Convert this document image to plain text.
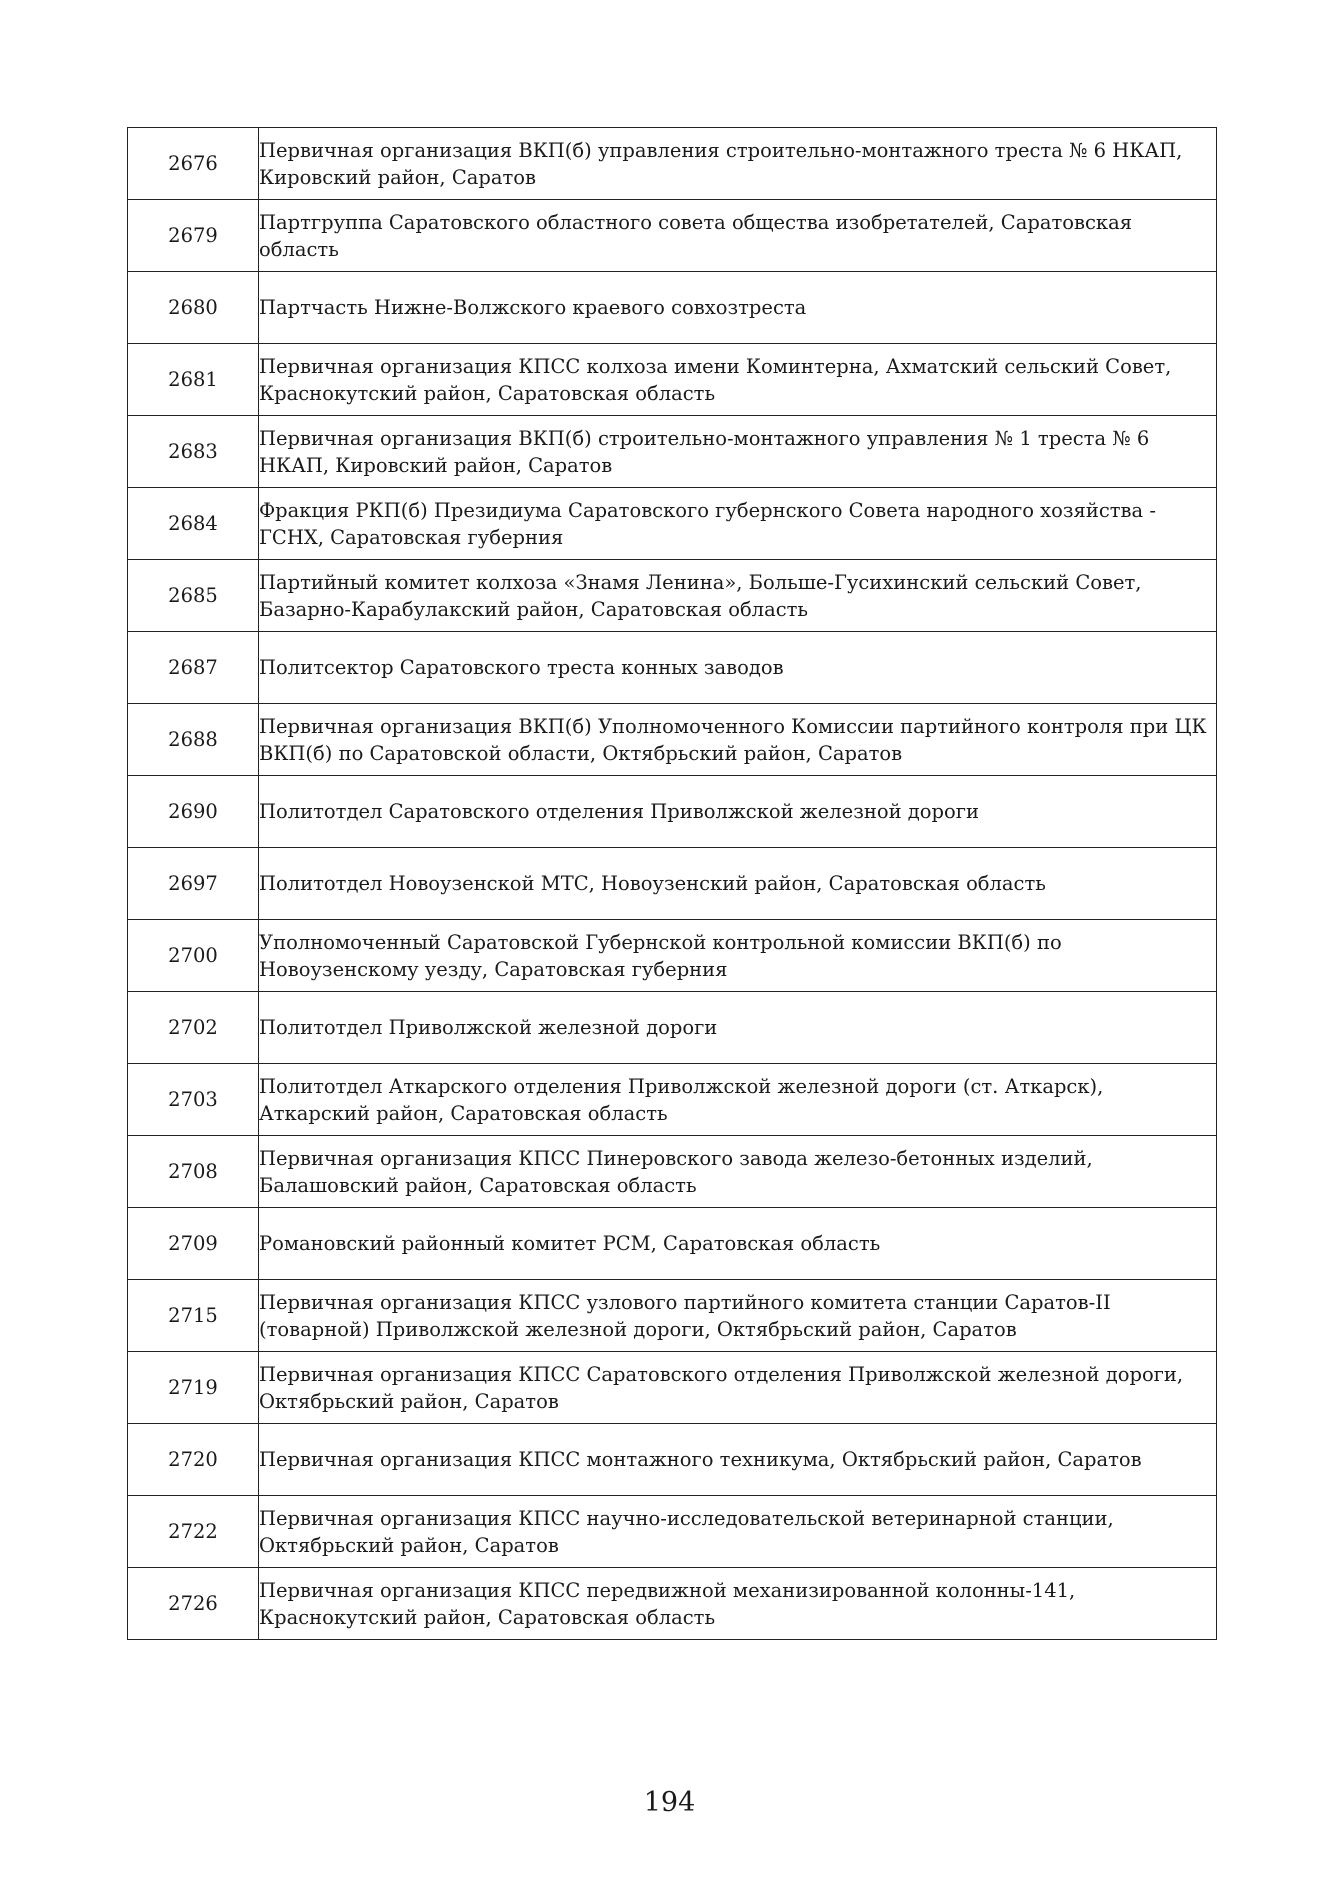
2676	Первичная организация ВКП(б) управления строительно-монтажного треста № 6 НКАП, Кировский район, Саратов
2679	Партгруппа Саратовского областного совета общества изобретателей, Саратовская область
2680	Партчасть Нижне-Волжского краевого совхозтреста
2681	Первичная организация КПСС колхоза имени Коминтерна, Ахматский сельский Совет, Краснокутский район, Саратовская область
2683	Первичная организация ВКП(б) строительно-монтажного управления № 1 треста № 6 НКАП, Кировский район, Саратов
2684	Фракция РКП(б) Президиума Саратовского губернского Совета народного хозяйства - ГСНХ, Саратовская губерния
2685	Партийный комитет колхоза «Знамя Ленина», Больше-Гусихинский сельский Совет, Базарно-Карабулакский район, Саратовская область
2687	Политсектор Саратовского треста конных заводов
2688	Первичная организация ВКП(б) Уполномоченного Комиссии партийного контроля при ЦК ВКП(б) по Саратовской области, Октябрьский район, Саратов
2690	Политотдел Саратовского отделения Приволжской железной дороги
2697	Политотдел Новоузенской МТС, Новоузенский район, Саратовская область
2700	Уполномоченный Саратовской Губернской контрольной комиссии ВКП(б) по Новоузенскому уезду, Саратовская губерния
2702	Политотдел Приволжской железной дороги
2703	Политотдел Аткарского отделения Приволжской железной дороги (ст. Аткарск), Аткарский район, Саратовская область
2708	Первичная организация КПСС Пинеровского завода железо-бетонных изделий, Балашовский район, Саратовская область
2709	Романовский районный комитет РСМ, Саратовская область
2715	Первичная организация КПСС узлового партийного комитета станции Саратов-II (товарной) Приволжской железной дороги, Октябрьский район, Саратов
2719	Первичная организация КПСС Саратовского отделения Приволжской железной дороги, Октябрьский район, Саратов
2720	Первичная организация КПСС монтажного техникума, Октябрьский район, Саратов
2722	Первичная организация КПСС научно-исследовательской ветеринарной станции, Октябрьский район, Саратов
2726	Первичная организация КПСС передвижной механизированной колонны-141, Краснокутский район, Саратовская область
194
